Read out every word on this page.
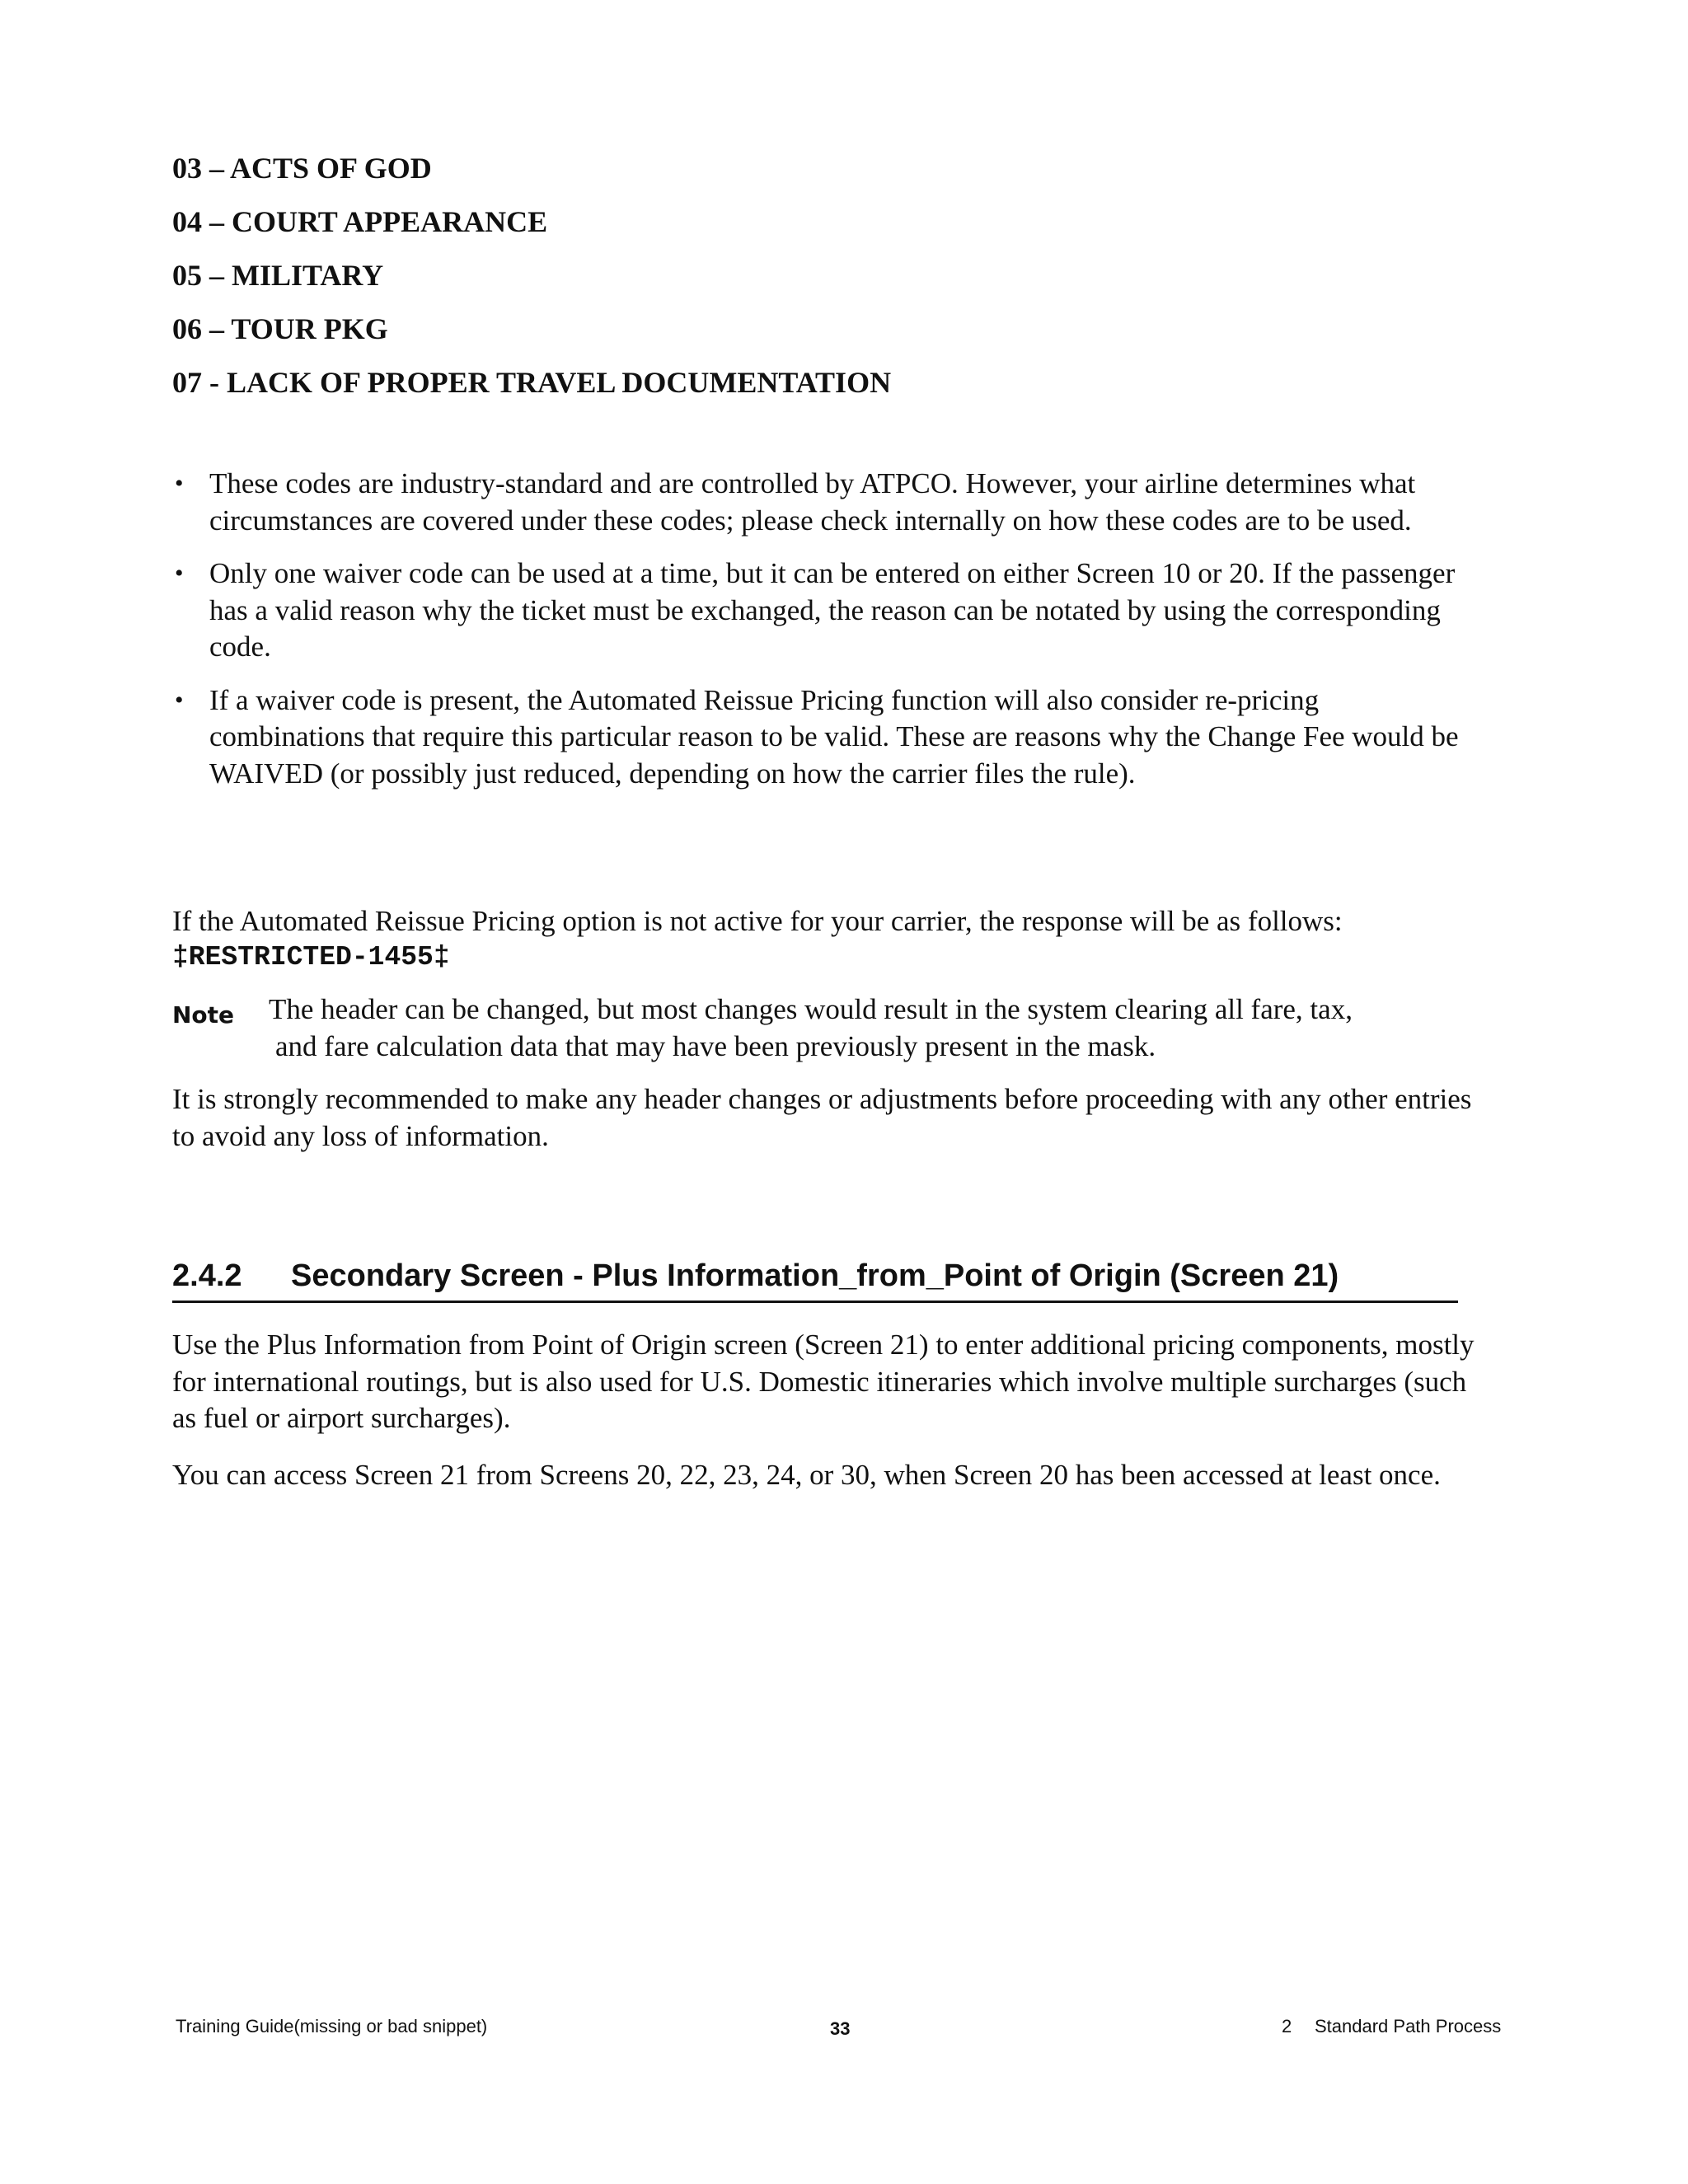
03 – ACTS OF GOD
04 – COURT APPEARANCE
05 – MILITARY
06 – TOUR PKG
07 - LACK OF PROPER TRAVEL DOCUMENTATION
• These codes are industry-standard and are controlled by ATPCO. However, your airline determines what circumstances are covered under these codes; please check internally on how these codes are to be used.
• Only one waiver code can be used at a time, but it can be entered on either Screen 10 or 20. If the passenger has a valid reason why the ticket must be exchanged, the reason can be notated by using the corresponding code.
• If a waiver code is present, the Automated Reissue Pricing function will also consider re-pricing combinations that require this particular reason to be valid. These are reasons why the Change Fee would be WAIVED (or possibly just reduced, depending on how the carrier files the rule).

If the Automated Reissue Pricing option is not active for your carrier, the response will be as follows:

‡RESTRICTED-1455‡
Note The header can be changed, but most changes would result in the system clearing all fare, tax,
and fare calculation data that may have been previously present in the mask.

It is strongly recommended to make any header changes or adjustments before proceeding with any other entries to avoid any loss of information.

2.4.2 Secondary Screen - Plus Information_from_Point of Origin (Screen 21)

Use the Plus Information from Point of Origin screen (Screen 21) to enter additional pricing components, mostly for international routings, but is also used for U.S. Domestic itineraries which involve multiple surcharges (such as fuel or airport surcharges).

You can access Screen 21 from Screens 20, 22, 23, 24, or 30, when Screen 20 has been accessed at least once.

Training Guide(missing or bad snippet)	33	2 Standard Path Process
